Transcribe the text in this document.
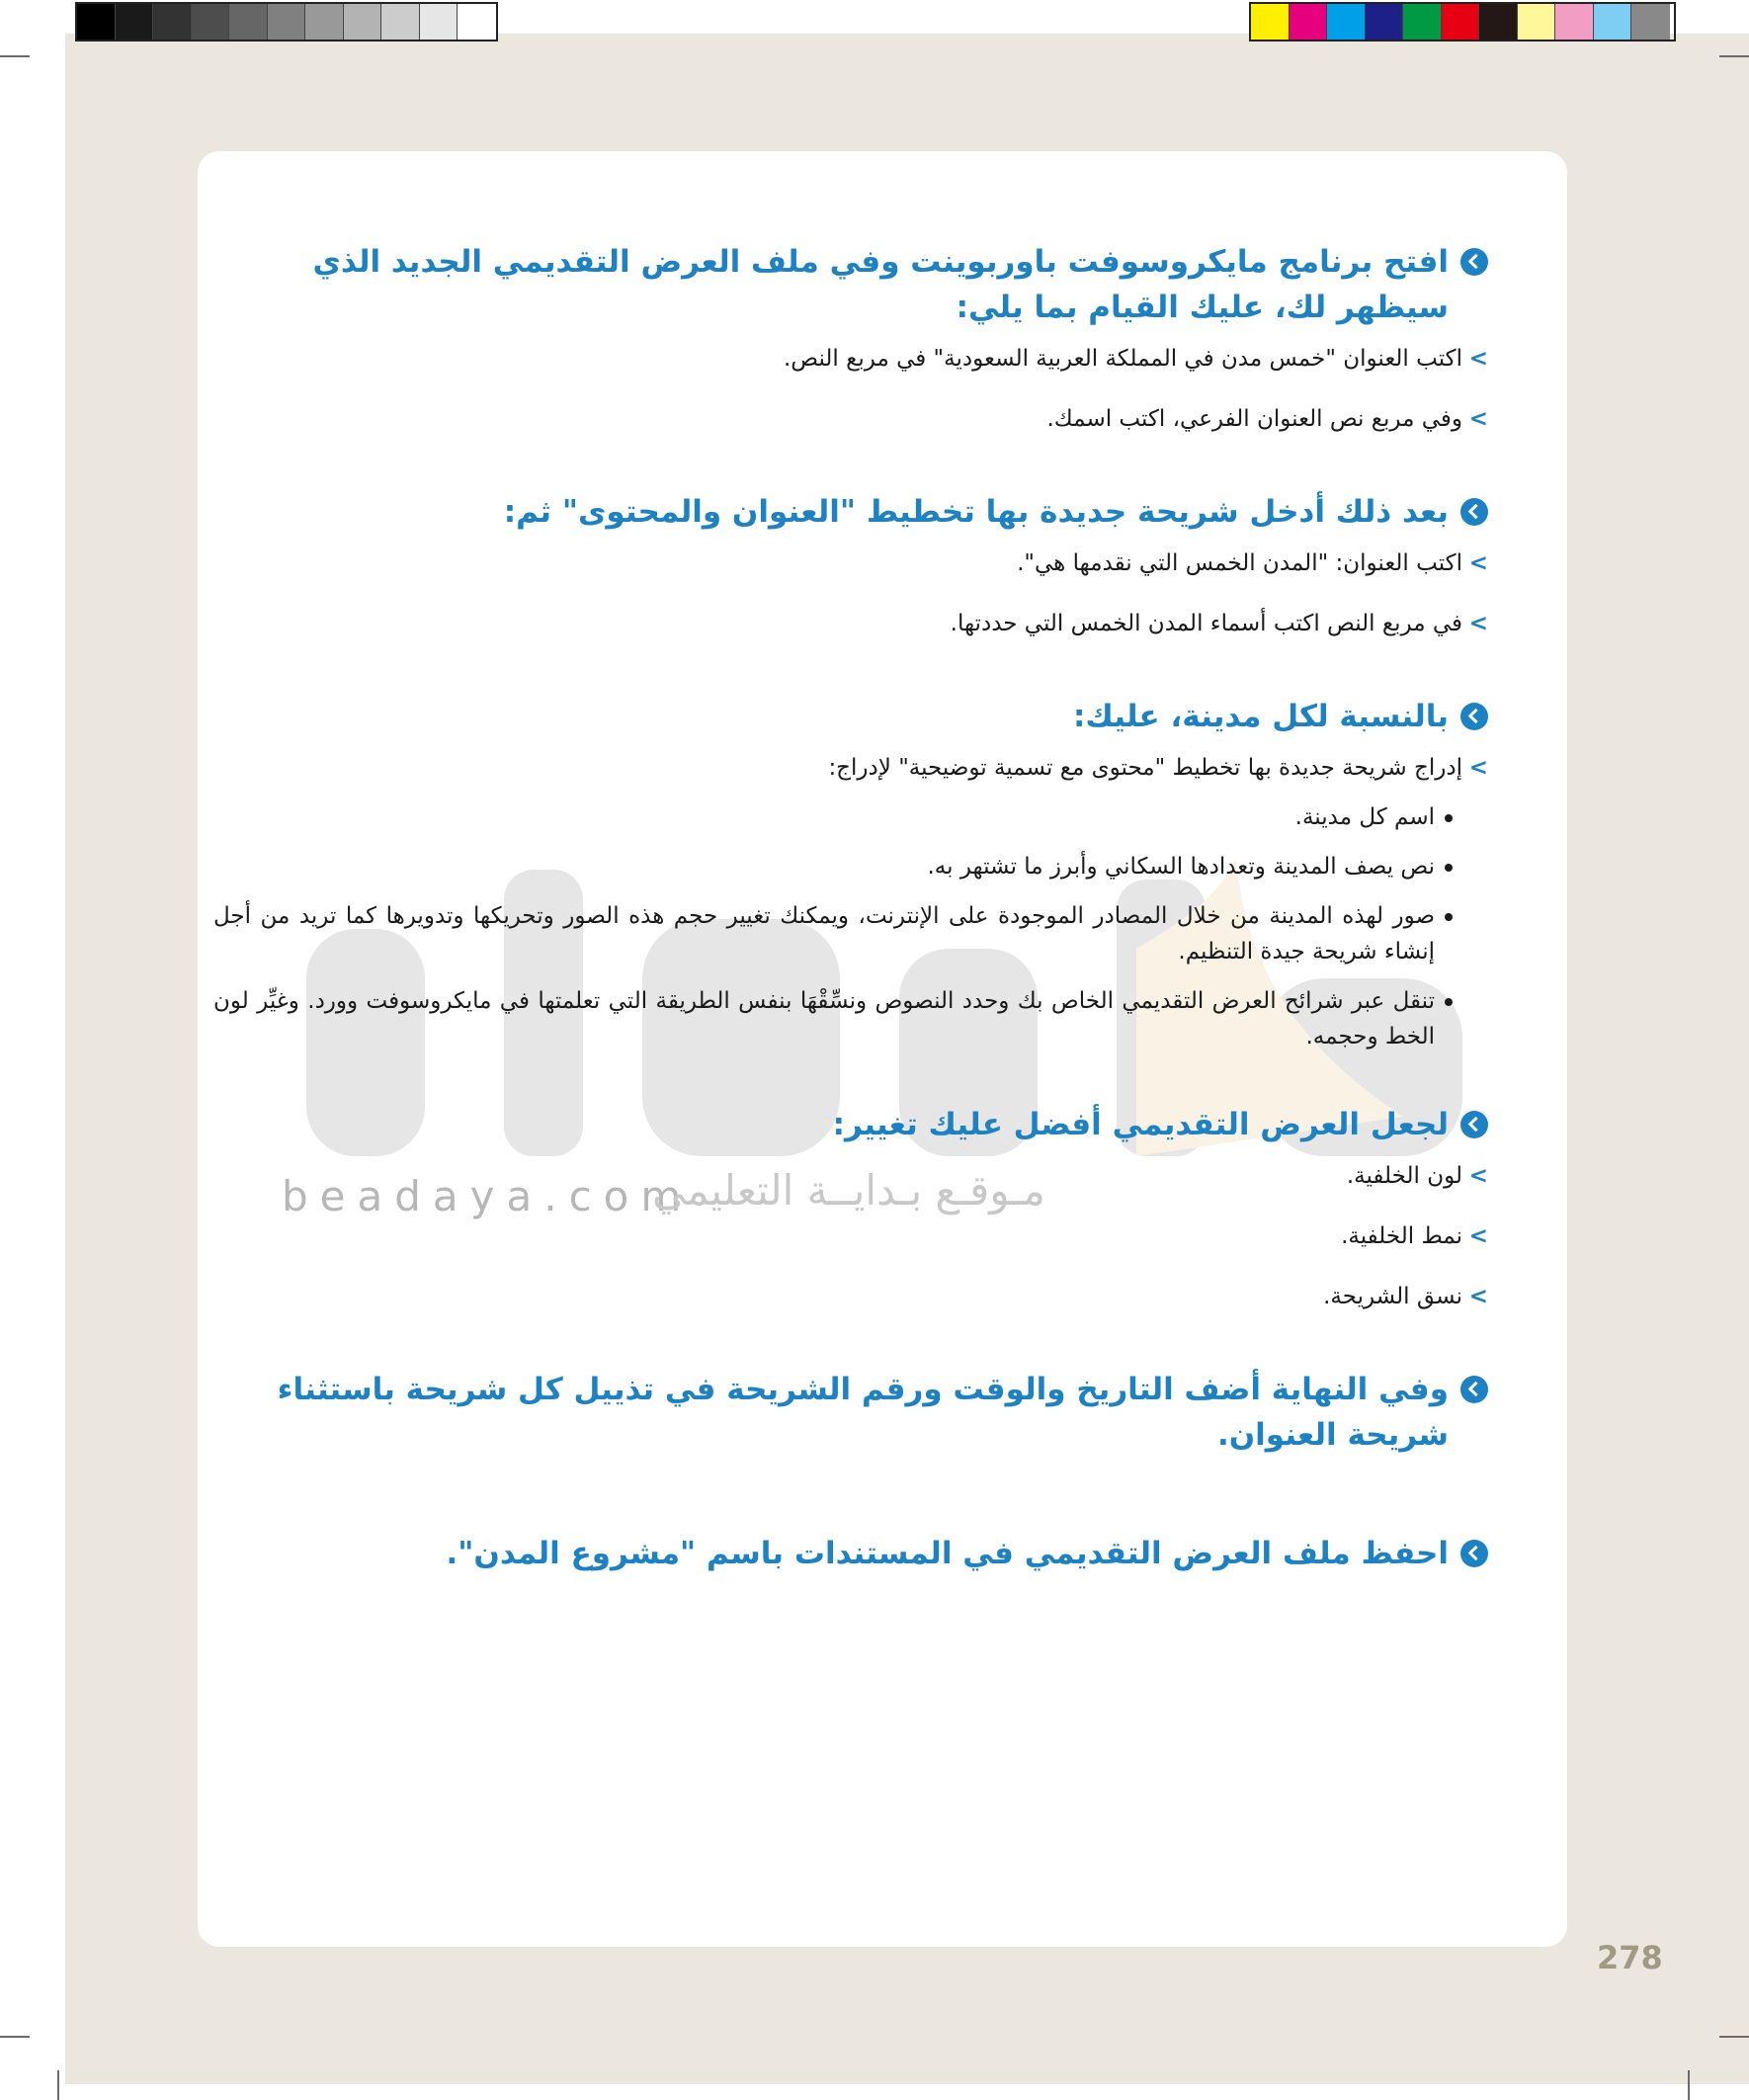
beadaya.com
مـوقـع بـدايــة التعليمي
افتح برنامج مايكروسوفت باوربوينت وفي ملف العرض التقديمي الجديد الذي سيظهر لك، عليك القيام بما يلي:
>
اكتب العنوان "خمس مدن في المملكة العربية السعودية" في مربع النص.
>
وفي مربع نص العنوان الفرعي، اكتب اسمك.
بعد ذلك أدخل شريحة جديدة بها تخطيط "العنوان والمحتوى" ثم:
>
اكتب العنوان: "المدن الخمس التي نقدمها هي".
>
في مربع النص اكتب أسماء المدن الخمس التي حددتها.
بالنسبة لكل مدينة، عليك:
>
إدراج شريحة جديدة بها تخطيط "محتوى مع تسمية توضيحية" لإدراج:
اسم كل مدينة.
نص يصف المدينة وتعدادها السكاني وأبرز ما تشتهر به.
صور لهذه المدينة من خلال المصادر الموجودة على الإنترنت، ويمكنك تغيير حجم هذه الصور وتحريكها وتدويرها كما تريد من أجل إنشاء شريحة جيدة التنظيم.
تنقل عبر شرائح العرض التقديمي الخاص بك وحدد النصوص ونسِّقْهَا بنفس الطريقة التي تعلمتها في مايكروسوفت وورد. وغيِّر لون الخط وحجمه.
لجعل العرض التقديمي أفضل عليك تغيير:
>
لون الخلفية.
>
نمط الخلفية.
>
نسق الشريحة.
وفي النهاية أضف التاريخ والوقت ورقم الشريحة في تذييل كل شريحة باستثناء شريحة العنوان.
احفظ ملف العرض التقديمي في المستندات باسم "مشروع المدن".
278
